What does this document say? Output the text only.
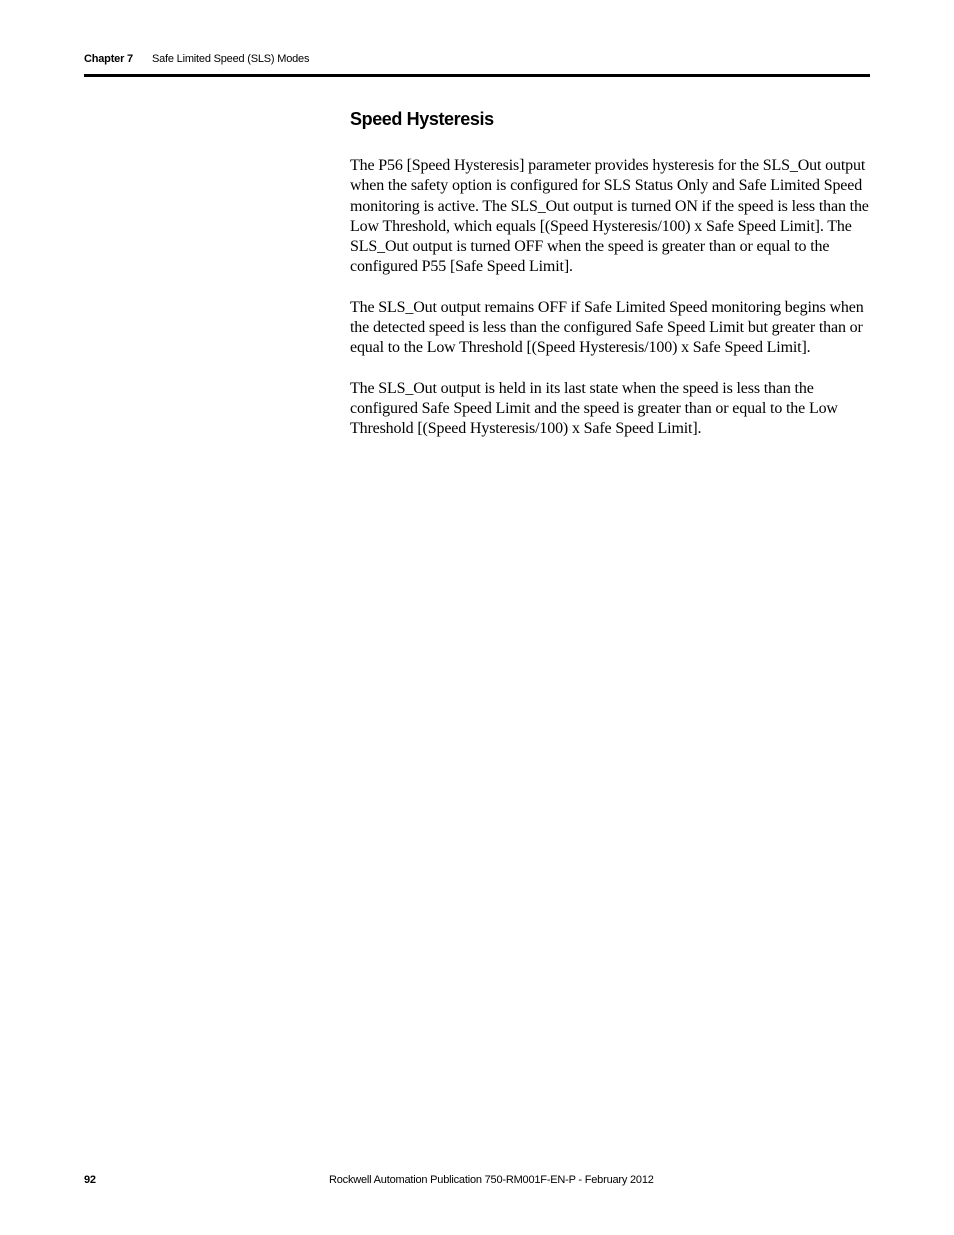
Chapter 7 Safe Limited Speed (SLS) Modes
Speed Hysteresis

The P56 [Speed Hysteresis] parameter provides hysteresis for the SLS_Out output when the safety option is configured for SLS Status Only and Safe Limited Speed monitoring is active. The SLS_Out output is turned ON if the speed is less than the Low Threshold, which equals [(Speed Hysteresis/100) x Safe Speed Limit]. The SLS_Out output is turned OFF when the speed is greater than or equal to the configured P55 [Safe Speed Limit].

The SLS_Out output remains OFF if Safe Limited Speed monitoring begins when the detected speed is less than the configured Safe Speed Limit but greater than or equal to the Low Threshold [(Speed Hysteresis/100) x Safe Speed Limit].

The SLS_Out output is held in its last state when the speed is less than the configured Safe Speed Limit and the speed is greater than or equal to the Low Threshold [(Speed Hysteresis/100) x Safe Speed Limit].

92	Rockwell Automation Publication 750-RM001F-EN-P - February 2012
